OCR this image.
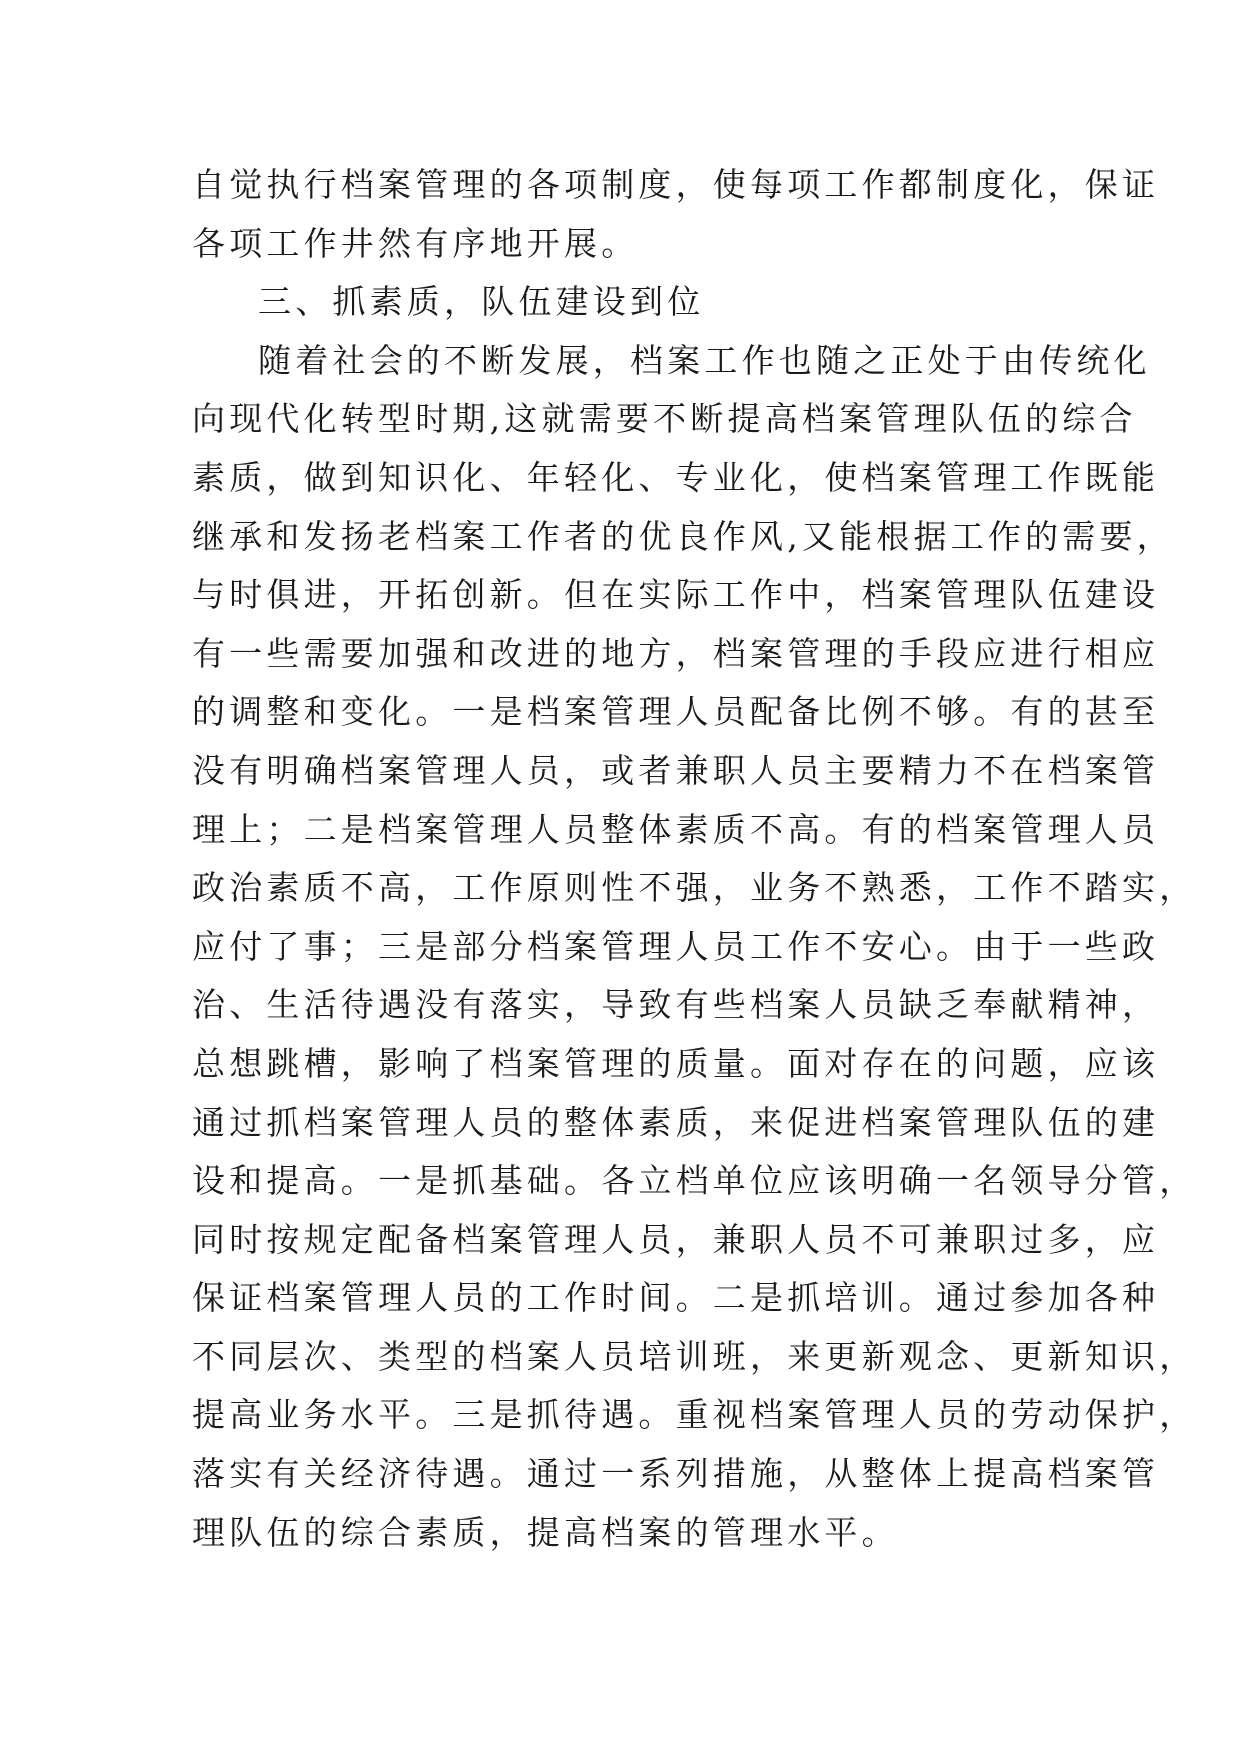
自觉执行档案管理的各项制度，使每项工作都制度化，保证
各项工作井然有序地开展。
三、抓素质，队伍建设到位
随着社会的不断发展，档案工作也随之正处于由传统化
向现代化转型时期,这就需要不断提高档案管理队伍的综合
素质，做到知识化、年轻化、专业化，使档案管理工作既能
继承和发扬老档案工作者的优良作风,又能根据工作的需要，
与时俱进，开拓创新。但在实际工作中，档案管理队伍建设
有一些需要加强和改进的地方，档案管理的手段应进行相应
的调整和变化。一是档案管理人员配备比例不够。有的甚至
没有明确档案管理人员，或者兼职人员主要精力不在档案管
理上；二是档案管理人员整体素质不高。有的档案管理人员
政治素质不高，工作原则性不强，业务不熟悉，工作不踏实，
应付了事；三是部分档案管理人员工作不安心。由于一些政
治、生活待遇没有落实，导致有些档案人员缺乏奉献精神，
总想跳槽，影响了档案管理的质量。面对存在的问题，应该
通过抓档案管理人员的整体素质，来促进档案管理队伍的建
设和提高。一是抓基础。各立档单位应该明确一名领导分管，
同时按规定配备档案管理人员，兼职人员不可兼职过多，应
保证档案管理人员的工作时间。二是抓培训。通过参加各种
不同层次、类型的档案人员培训班，来更新观念、更新知识，
提高业务水平。三是抓待遇。重视档案管理人员的劳动保护，
落实有关经济待遇。通过一系列措施，从整体上提高档案管
理队伍的综合素质，提高档案的管理水平。
